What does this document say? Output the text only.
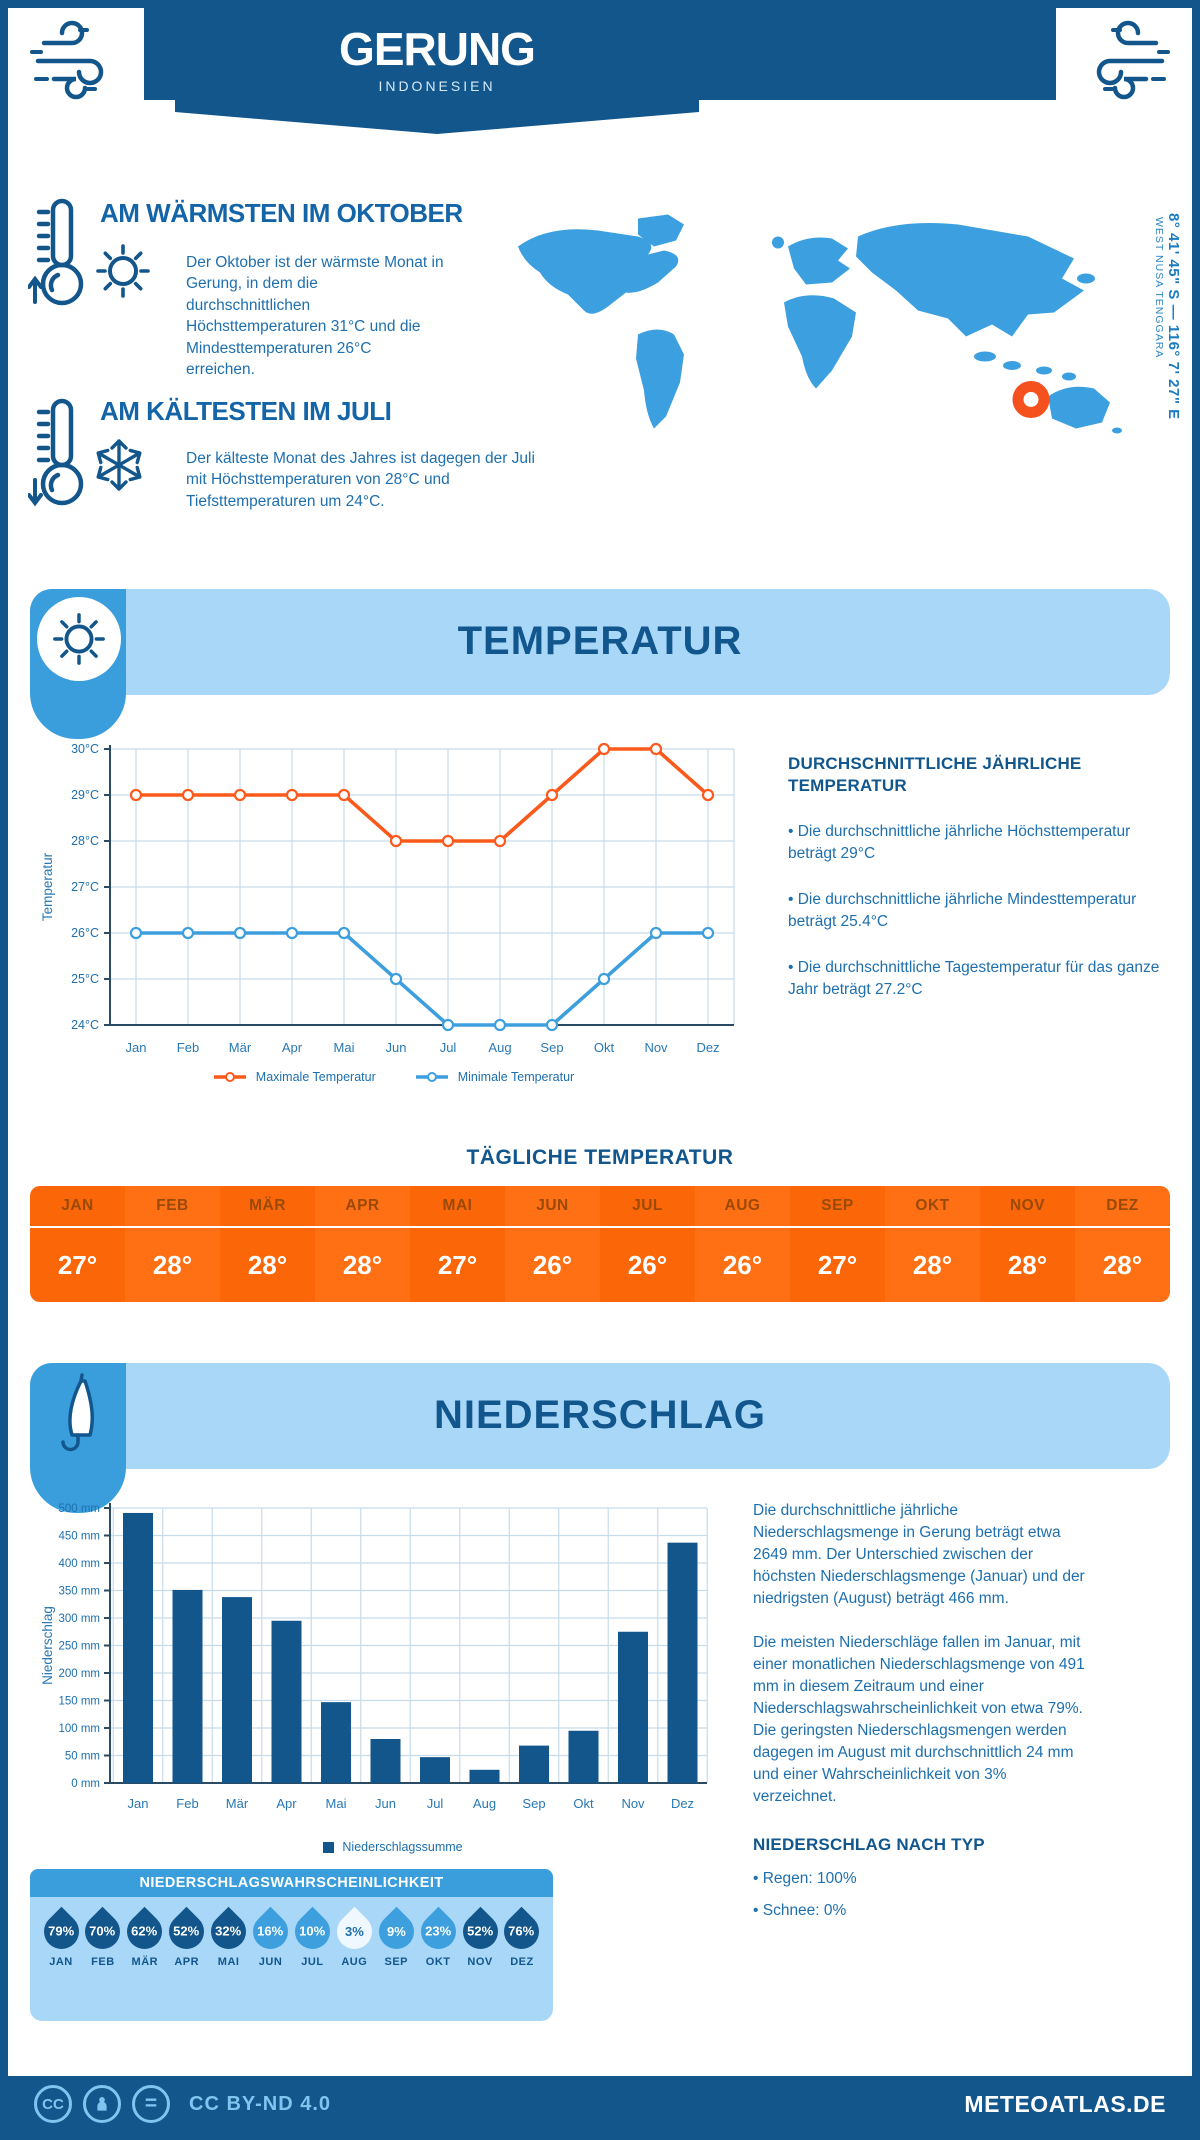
GERUNG
INDONESIEN
AM WÄRMSTEN IM OKTOBER
Der Oktober ist der wärmste Monat in Gerung, in dem die durchschnittlichen Höchsttemperaturen 31°C und die Mindesttemperaturen 26°C erreichen.
AM KÄLTESTEN IM JULI
Der kälteste Monat des Jahres ist dagegen der Juli mit Höchsttemperaturen von 28°C und Tiefsttemperaturen um 24°C.
8° 41' 45" S — 116° 7' 27" E
WEST NUSA TENGGARA
TEMPERATUR
30°C
29°C
28°C
27°C
26°C
25°C
24°C
Jan Feb Mär Apr Mai Jun	Jul Aug Sep Okt Nov Dez
Temperatur
Maximale Temperatur	Minimale Temperatur
DURCHSCHNITTLICHE JÄHRLICHE TEMPERATUR
• Die durchschnittliche jährliche Höchsttemperatur beträgt 29°C
• Die durchschnittliche jährliche Mindesttemperatur beträgt 25.4°C
• Die durchschnittliche Tagestemperatur für das ganze Jahr beträgt 27.2°C
TÄGLICHE TEMPERATUR
JAN
27°
FEB
28°
MÄR
28°
APR
28°
MAI
27°
JUN
26°
JUL
26°
AUG
26°
SEP
27°
OKT
28°
NOV
28°
DEZ
28°
NIEDERSCHLAG
500 mm
450 mm
400 mm
350 mm
300 mm
250 mm
200 mm
150 mm
100 mm
50 mm
0 mm
Jan Feb Mär Apr Mai Jun Jul Aug Sep Okt Nov Dez
Niederschlag
Niederschlagssumme
NIEDERSCHLAGSWAHRSCHEINLICHKEIT
79%
JAN
70%
FEB
62%
MÄR
52%
APR
32%
MAI
16%
JUN
10%
JUL
3%
AUG
9%
SEP
23%
OKT
52%
NOV
76%
DEZ

Die durchschnittliche jährliche Niederschlagsmenge in Gerung beträgt etwa 2649 mm. Der Unterschied zwischen der höchsten Niederschlagsmenge (Januar) und der niedrigsten (August) beträgt 466 mm.

Die meisten Niederschläge fallen im Januar, mit einer monatlichen Niederschlagsmenge von 491 mm in diesem Zeitraum und einer Niederschlagswahrscheinlichkeit von etwa 79%. Die geringsten Niederschlagsmengen werden dagegen im August mit durchschnittlich 24 mm und einer Wahrscheinlichkeit von 3% verzeichnet.

NIEDERSCHLAG NACH TYP
• Regen: 100%
• Schnee: 0%
CC	=	CC BY-ND 4.0	METEOATLAS.DE
